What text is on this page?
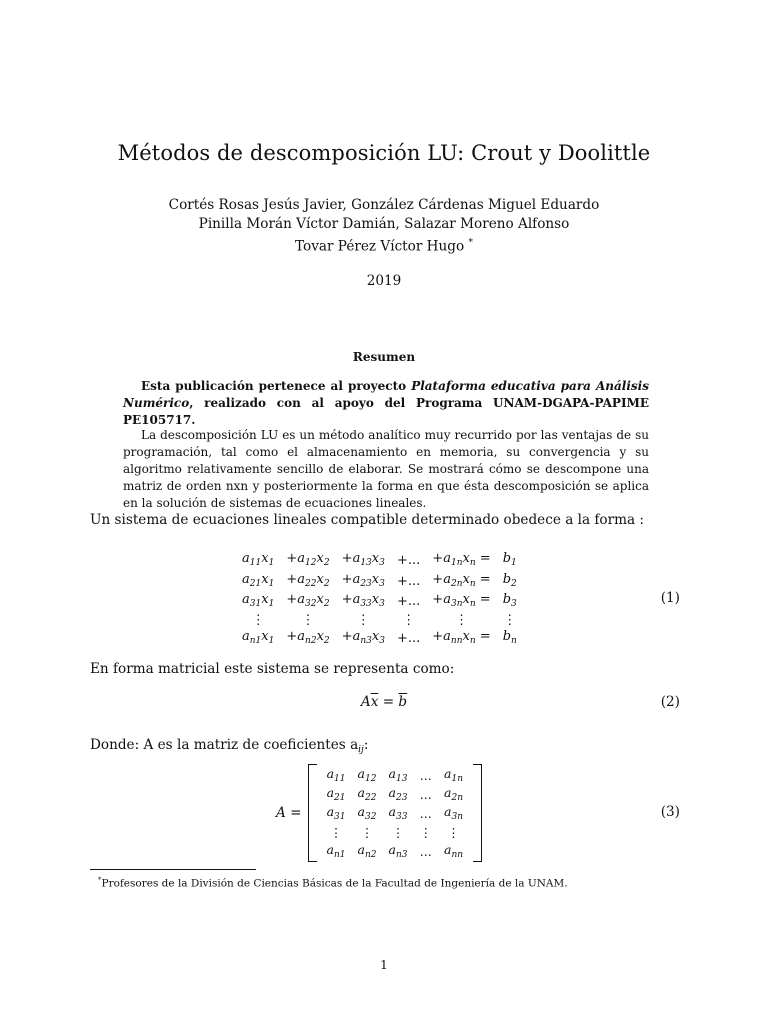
Métodos de descomposición LU: Crout y Doolittle
Cortés Rosas Jesús Javier, González Cárdenas Miguel Eduardo
Pinilla Morán Víctor Damián, Salazar Moreno Alfonso
Tovar Pérez Víctor Hugo *
2019
Resumen
Esta publicación pertenece al proyecto Plataforma educativa para Análisis Numérico, realizado con al apoyo del Programa UNAM-DGAPA-PAPIME PE105717.
La descomposición LU es un método analítico muy recurrido por las ventajas de su programación, tal como el almacenamiento en memoria, su convergencia y su algoritmo relativamente sencillo de elaborar. Se mostrará cómo se descompone una matriz de orden nxn y posteriormente la forma en que ésta descomposición se aplica en la solución de sistemas de ecuaciones lineales.
Un sistema de ecuaciones lineales compatible determinado obedece a la forma :
$a_{11}x_1$	$+a_{12}x_2$	$+a_{13}x_3$	+...	$+a_{1n}x_n$ =	$b_1$
$a_{21}x_1$	$+a_{22}x_2$	$+a_{23}x_3$	+...	$+a_{2n}x_n$ =	$b_2$
$a_{31}x_1$	$+a_{32}x_2$	$+a_{33}x_3$	+...	$+a_{3n}x_n$ =	$b_3$
⋮	⋮	⋮	⋮	⋮	⋮
$a_{n1}x_1$	$+a_{n2}x_2$	$+a_{n3}x_3$	+...	$+a_{nn}x_n$ =	$b_n$
(1)
En forma matricial este sistema se representa como:
$A\overline{x} = \overline{b}$	(2)
Donde: A es la matriz de coeficientes $a_{ij}$:
A =
$a_{11}$	$a_{12}$	$a_{13}$	...	$a_{1n}$
$a_{21}$	$a_{22}$	$a_{23}$	...	$a_{2n}$
$a_{31}$	$a_{32}$	$a_{33}$	...	$a_{3n}$
⋮	⋮	⋮	⋮	⋮
$a_{n1}$	$a_{n2}$	$a_{n3}$	...	$a_{nn}$
(3)
*Profesores de la División de Ciencias Básicas de la Facultad de Ingeniería de la UNAM.
1
